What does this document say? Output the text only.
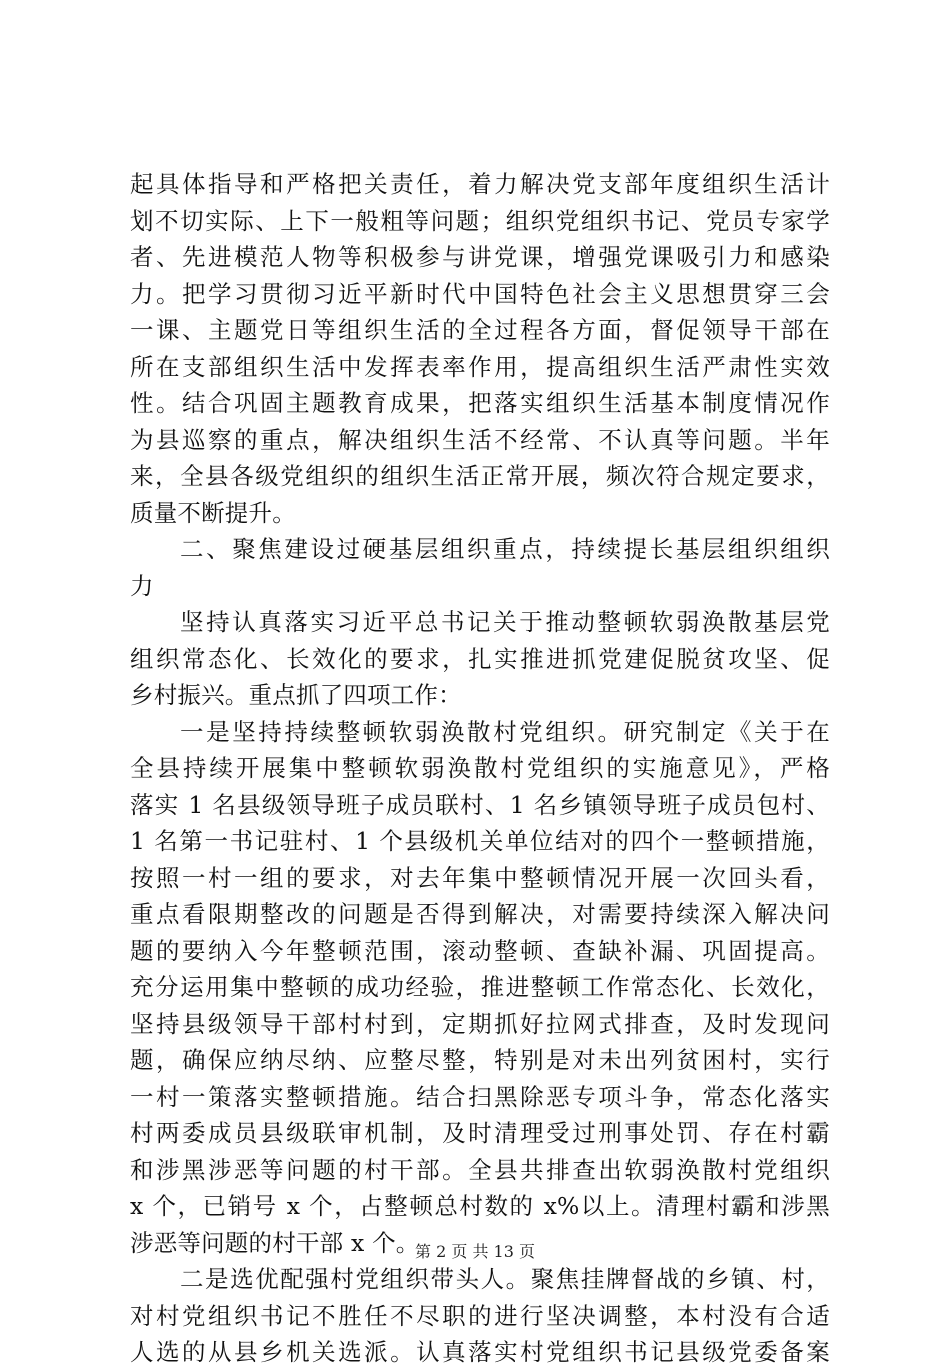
起具体指导和严格把关责任，着力解决党支部年度组织生活计
划不切实际、上下一般粗等问题；组织党组织书记、党员专家学
者、先进模范人物等积极参与讲党课，增强党课吸引力和感染
力。把学习贯彻习近平新时代中国特色社会主义思想贯穿三会
一课、主题党日等组织生活的全过程各方面，督促领导干部在
所在支部组织生活中发挥表率作用，提高组织生活严肃性实效
性。结合巩固主题教育成果，把落实组织生活基本制度情况作
为县巡察的重点，解决组织生活不经常、不认真等问题。半年
来，全县各级党组织的组织生活正常开展，频次符合规定要求，
质量不断提升。
二、聚焦建设过硬基层组织重点，持续提长基层组织组织
力
坚持认真落实习近平总书记关于推动整顿软弱涣散基层党
组织常态化、长效化的要求，扎实推进抓党建促脱贫攻坚、促
乡村振兴。重点抓了四项工作：
一是坚持持续整顿软弱涣散村党组织。研究制定《关于在
全县持续开展集中整顿软弱涣散村党组织的实施意见》，严格
落实 1 名县级领导班子成员联村、1 名乡镇领导班子成员包村、
1 名第一书记驻村、1 个县级机关单位结对的四个一整顿措施，
按照一村一组的要求，对去年集中整顿情况开展一次回头看，
重点看限期整改的问题是否得到解决，对需要持续深入解决问
题的要纳入今年整顿范围，滚动整顿、查缺补漏、巩固提高。
充分运用集中整顿的成功经验，推进整顿工作常态化、长效化，
坚持县级领导干部村村到，定期抓好拉网式排查，及时发现问
题，确保应纳尽纳、应整尽整，特别是对未出列贫困村，实行
一村一策落实整顿措施。结合扫黑除恶专项斗争，常态化落实
村两委成员县级联审机制，及时清理受过刑事处罚、存在村霸
和涉黑涉恶等问题的村干部。全县共排查出软弱涣散村党组织
x 个，已销号 x 个，占整顿总村数的 x%以上。清理村霸和涉黑
涉恶等问题的村干部 x 个。
二是选优配强村党组织带头人。聚焦挂牌督战的乡镇、村，
对村党组织书记不胜任不尽职的进行坚决调整，本村没有合适
人选的从县乡机关选派。认真落实村党组织书记县级党委备案
第 2 页 共 13 页
